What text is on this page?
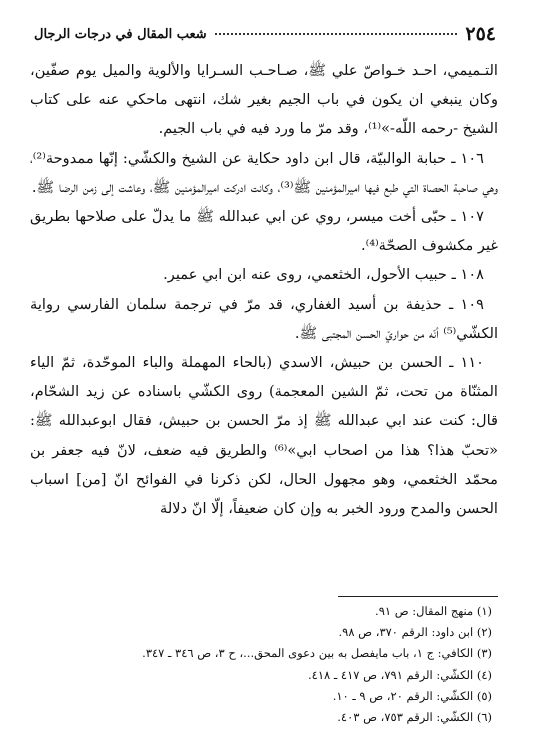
٢٥٤
شعب المقال في درجات الرجال

التـميمي، احـد خـواصّ علي ﷺ، صـاحـب السـرايا والألوية والميل يوم صفّين، وكان ينبغي ان يكون في باب الجيم بغير شك، انتهى ماحكي عنه على كتاب الشيخ -رحمه اللّه-»⁽¹⁾، وقد مرّ ما ورد فيه في باب الجيم.

١٠٦ ـ حبابة الوالبيّة، قال ابن داود حكاية عن الشيخ والكشّي: إنّها ممدوحة⁽²⁾، وهي صاحبة الحصاة التي طبع فيها اميرالمؤمنين ﷺ⁽³⁾، وكانت ادركت اميرالمؤمنين ﷺ، وعاشت إلى زمن الرضا ﷺ.

١٠٧ ـ حبّى أخت ميسر، روي عن ابي عبدالله ﷺ ما يدلّ على صلاحها بطريق غير مكشوف الصحّة⁽⁴⁾.

١٠٨ ـ حبيب الأحول، الخثعمي، روى عنه ابن ابي عمير.

١٠٩ ـ حذيفة بن أسيد الغفاري، قد مرّ في ترجمة سلمان الفارسي رواية الكشّي⁽⁵⁾ أنّه من حواريّ الحسن المجتبى ﷺ.

١١٠ ـ الحسن بن حبيش، الاسدي (بالحاء المهملة والباء الموحّدة، ثمّ الياء المثنّاة من تحت، ثمّ الشين المعجمة) روى الكشّي باسناده عن زيد الشحّام، قال: كنت عند ابي عبدالله ﷺ إذ مرّ الحسن بن حبيش، فقال ابوعبدالله ﷺ: «تحبّ هذا؟ هذا من اصحاب ابي»⁽⁶⁾ والطريق فيه ضعف، لانّ فيه جعفر بن محمّد الخثعمي، وهو مجهول الحال، لكن ذكرنا في الفوائح انّ [من] اسباب الحسن والمدح ورود الخبر به وإن كان ضعيفاً، إلّا انّ دلالة

(١) منهج المقال: ص ٩١.
(٢) ابن داود: الرقم ٣٧٠، ص ٩٨.
(٣) الكافي: ج ١، باب مايفصل به بين دعوى المحق...، ح ٣، ص ٣٤٦ ـ ٣٤٧.
(٤) الكشّي: الرقم ٧٩١، ص ٤١٧ ـ ٤١٨.
(٥) الكشّي: الرقم ٢٠، ص ٩ ـ ١٠.
(٦) الكشّي: الرقم ٧٥٣، ص ٤٠٣.
